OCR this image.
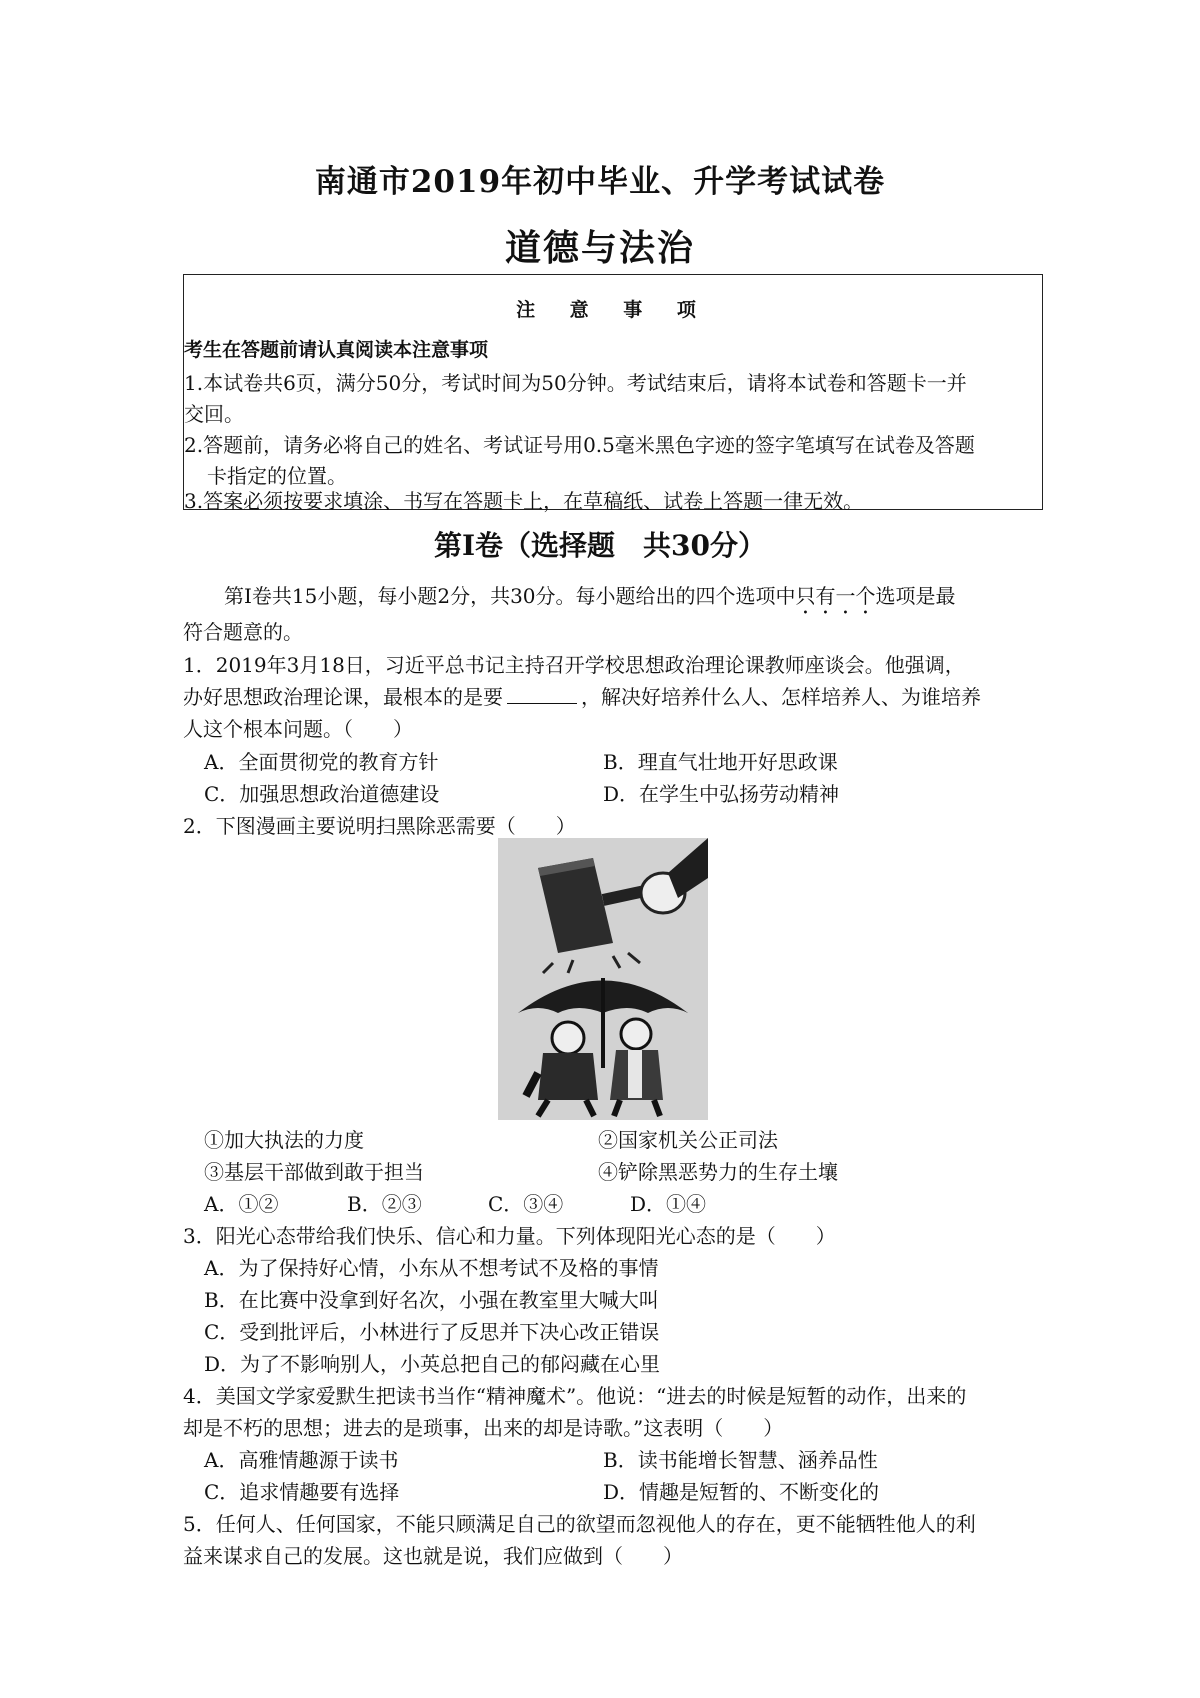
南通市2019年初中毕业、升学考试试卷
道德与法治
注 意 事 项
考生在答题前请认真阅读本注意事项
1.本试卷共6页，满分50分，考试时间为50分钟。考试结束后，请将本试卷和答题卡一并
交回。
2.答题前，请务必将自己的姓名、考试证号用0.5毫米黑色字迹的签字笔填写在试卷及答题
卡指定的位置。
3.答案必须按要求填涂、书写在答题卡上，在草稿纸、试卷上答题一律无效。
第Ⅰ卷（选择题　共30分）
第Ⅰ卷共15小题，每小题2分，共30分。每小题给出的四个选项中只有一个选项是最
符合题意的。
1．2019年3月18日，习近平总书记主持召开学校思想政治理论课教师座谈会。他强调，
办好思想政治理论课，最根本的是要	，解决好培养什么人、怎样培养人、为谁培养
人这个根本问题。（　　）
A．全面贯彻党的教育方针	B．理直气壮地开好思政课
C．加强思想政治道德建设	D．在学生中弘扬劳动精神
2．下图漫画主要说明扫黑除恶需要（　　）
①加大执法的力度	②国家机关公正司法
③基层干部做到敢于担当	④铲除黑恶势力的生存土壤
A．①②	B．②③	C．③④	D．①④
3．阳光心态带给我们快乐、信心和力量。下列体现阳光心态的是（　　）
A．为了保持好心情，小东从不想考试不及格的事情
B．在比赛中没拿到好名次，小强在教室里大喊大叫
C．受到批评后，小林进行了反思并下决心改正错误
D．为了不影响别人，小英总把自己的郁闷藏在心里
4．美国文学家爱默生把读书当作“精神魔术”。他说：“进去的时候是短暂的动作，出来的
却是不朽的思想；进去的是琐事，出来的却是诗歌。”这表明（　　）
A．高雅情趣源于读书	B．读书能增长智慧、涵养品性
C．追求情趣要有选择	D．情趣是短暂的、不断变化的
5．任何人、任何国家，不能只顾满足自己的欲望而忽视他人的存在，更不能牺牲他人的利
益来谋求自己的发展。这也就是说，我们应做到（　　）
